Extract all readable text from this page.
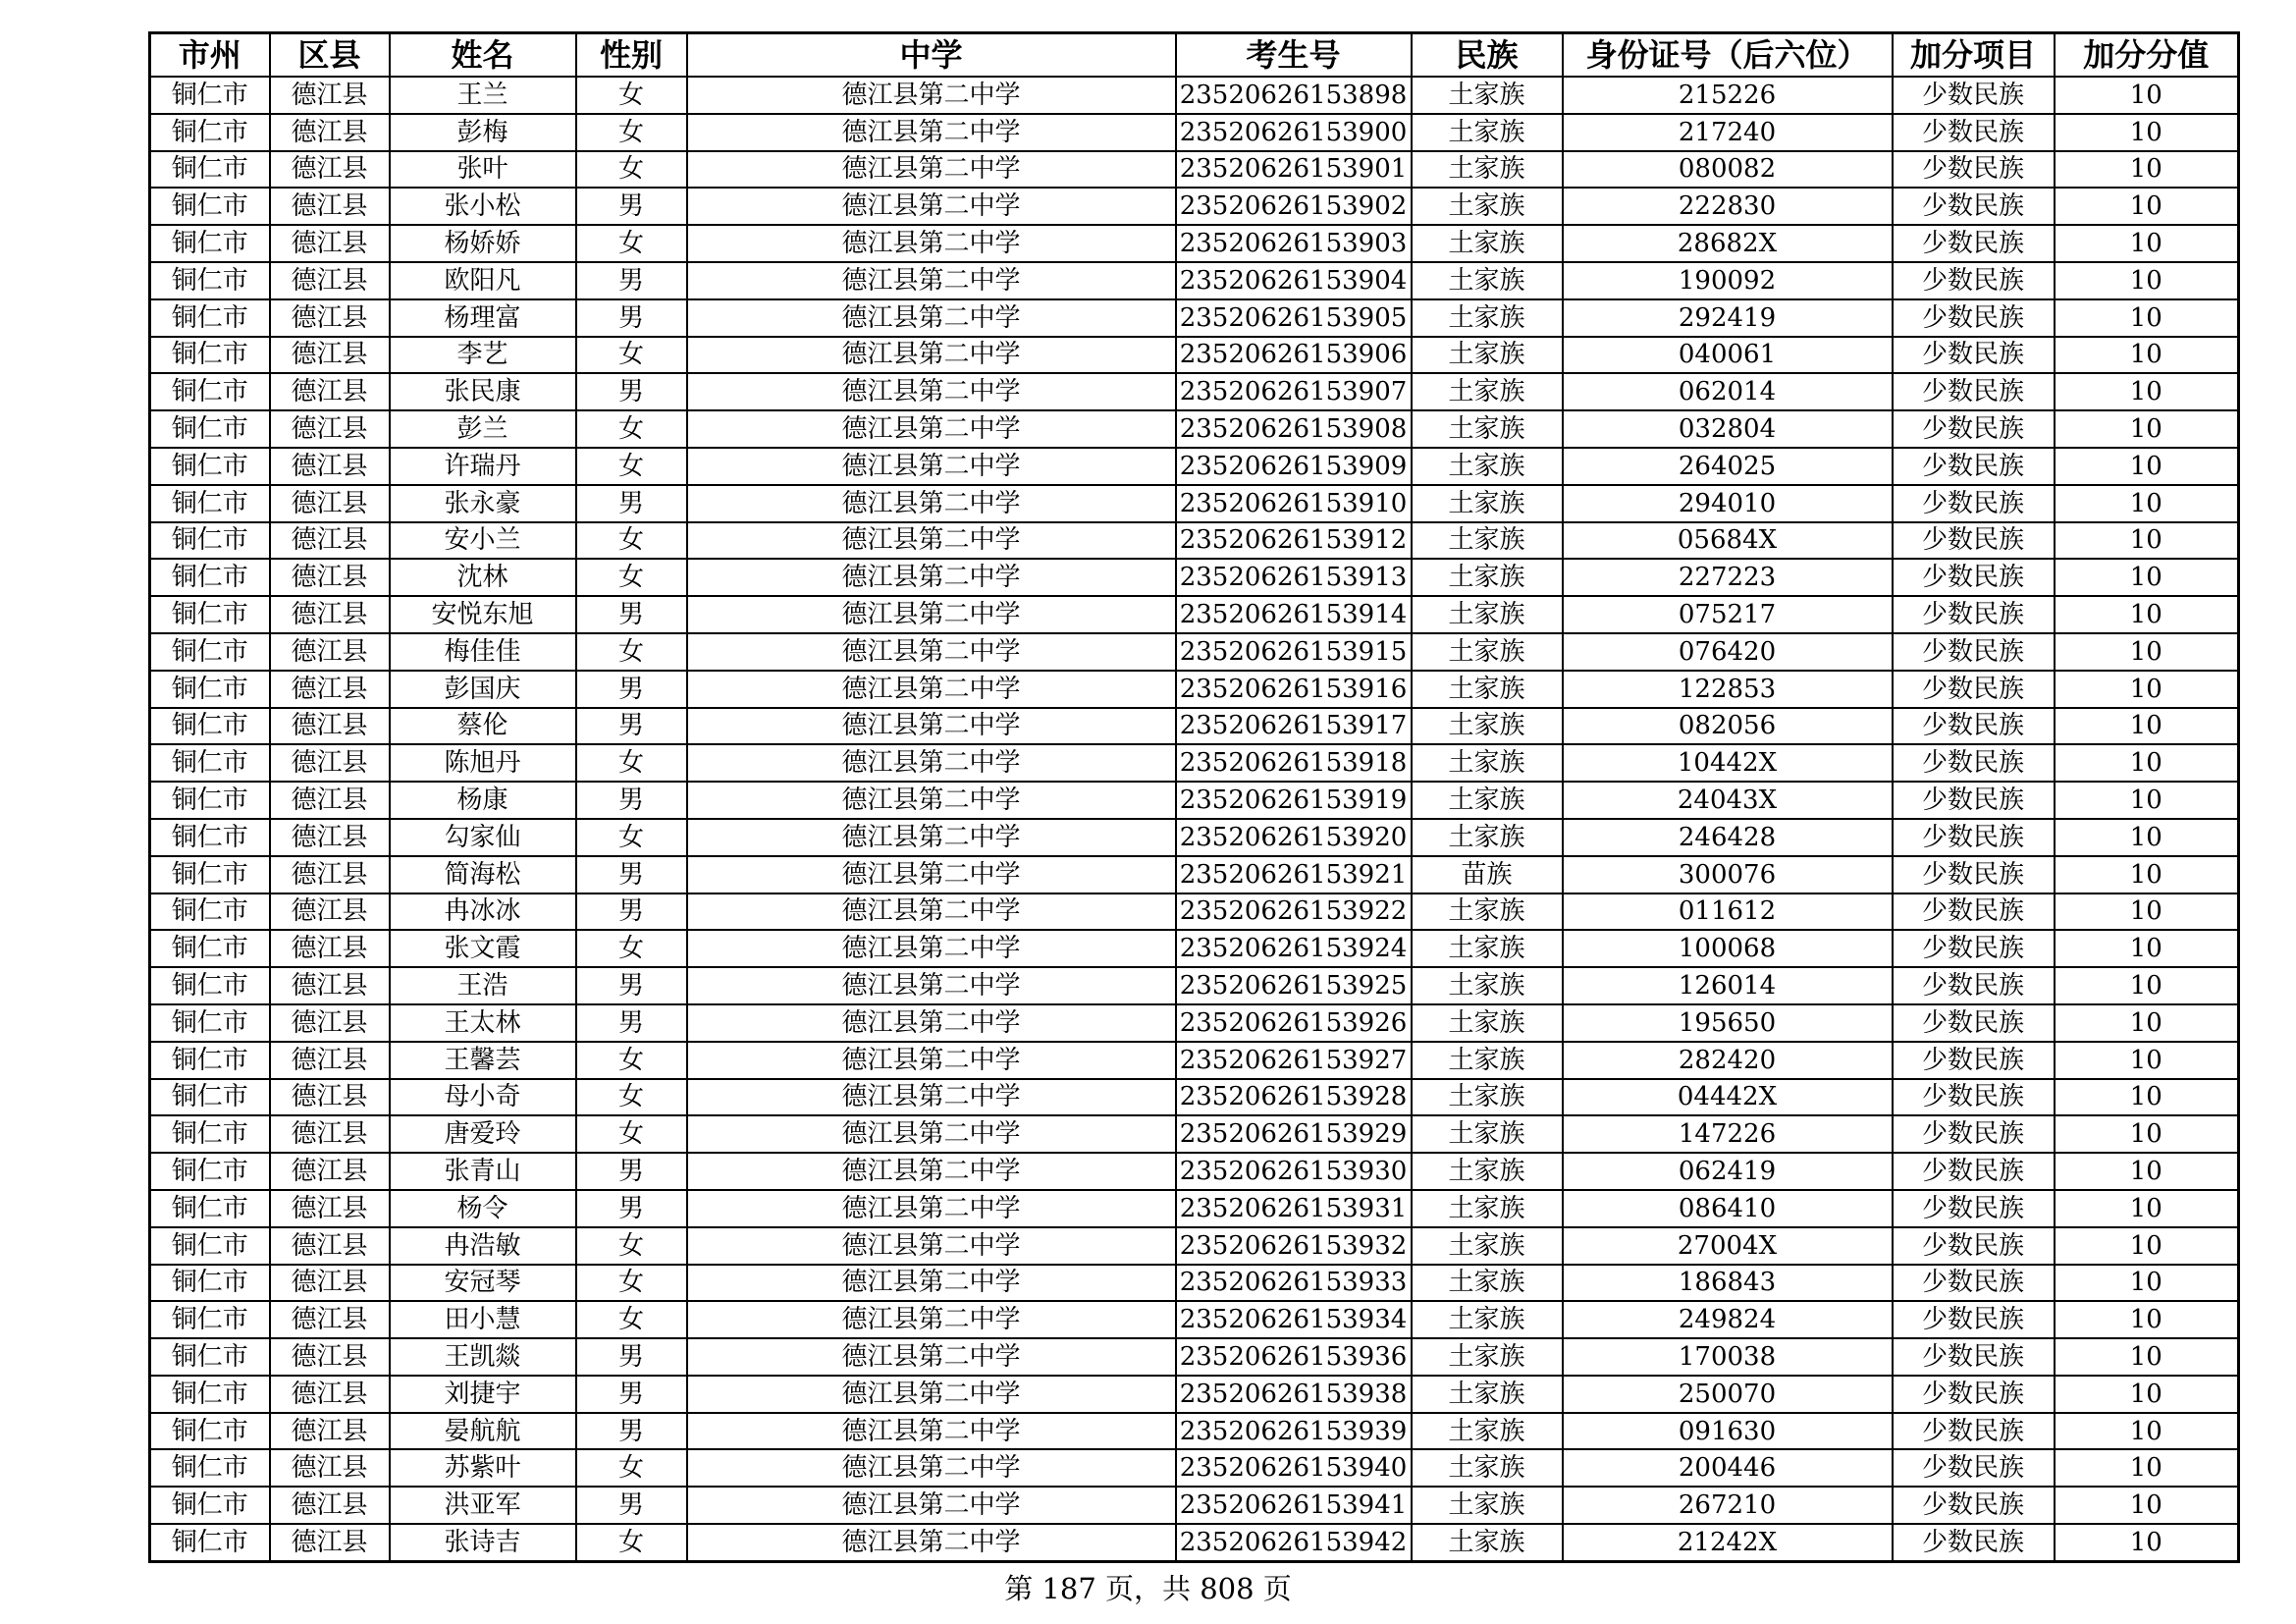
市州	区县	姓名	性别	中学	考生号	民族	身份证号（后六位）	加分项目	加分分值
铜仁市	德江县	王兰	女	德江县第二中学	23520626153898	土家族	215226	少数民族	10
铜仁市	德江县	彭梅	女	德江县第二中学	23520626153900	土家族	217240	少数民族	10
铜仁市	德江县	张叶	女	德江县第二中学	23520626153901	土家族	080082	少数民族	10
铜仁市	德江县	张小松	男	德江县第二中学	23520626153902	土家族	222830	少数民族	10
铜仁市	德江县	杨娇娇	女	德江县第二中学	23520626153903	土家族	28682X	少数民族	10
铜仁市	德江县	欧阳凡	男	德江县第二中学	23520626153904	土家族	190092	少数民族	10
铜仁市	德江县	杨理富	男	德江县第二中学	23520626153905	土家族	292419	少数民族	10
铜仁市	德江县	李艺	女	德江县第二中学	23520626153906	土家族	040061	少数民族	10
铜仁市	德江县	张民康	男	德江县第二中学	23520626153907	土家族	062014	少数民族	10
铜仁市	德江县	彭兰	女	德江县第二中学	23520626153908	土家族	032804	少数民族	10
铜仁市	德江县	许瑞丹	女	德江县第二中学	23520626153909	土家族	264025	少数民族	10
铜仁市	德江县	张永豪	男	德江县第二中学	23520626153910	土家族	294010	少数民族	10
铜仁市	德江县	安小兰	女	德江县第二中学	23520626153912	土家族	05684X	少数民族	10
铜仁市	德江县	沈林	女	德江县第二中学	23520626153913	土家族	227223	少数民族	10
铜仁市	德江县	安悦东旭	男	德江县第二中学	23520626153914	土家族	075217	少数民族	10
铜仁市	德江县	梅佳佳	女	德江县第二中学	23520626153915	土家族	076420	少数民族	10
铜仁市	德江县	彭国庆	男	德江县第二中学	23520626153916	土家族	122853	少数民族	10
铜仁市	德江县	蔡伦	男	德江县第二中学	23520626153917	土家族	082056	少数民族	10
铜仁市	德江县	陈旭丹	女	德江县第二中学	23520626153918	土家族	10442X	少数民族	10
铜仁市	德江县	杨康	男	德江县第二中学	23520626153919	土家族	24043X	少数民族	10
铜仁市	德江县	勾家仙	女	德江县第二中学	23520626153920	土家族	246428	少数民族	10
铜仁市	德江县	简海松	男	德江县第二中学	23520626153921	苗族	300076	少数民族	10
铜仁市	德江县	冉冰冰	男	德江县第二中学	23520626153922	土家族	011612	少数民族	10
铜仁市	德江县	张文霞	女	德江县第二中学	23520626153924	土家族	100068	少数民族	10
铜仁市	德江县	王浩	男	德江县第二中学	23520626153925	土家族	126014	少数民族	10
铜仁市	德江县	王太林	男	德江县第二中学	23520626153926	土家族	195650	少数民族	10
铜仁市	德江县	王馨芸	女	德江县第二中学	23520626153927	土家族	282420	少数民族	10
铜仁市	德江县	母小奇	女	德江县第二中学	23520626153928	土家族	04442X	少数民族	10
铜仁市	德江县	唐爱玲	女	德江县第二中学	23520626153929	土家族	147226	少数民族	10
铜仁市	德江县	张青山	男	德江县第二中学	23520626153930	土家族	062419	少数民族	10
铜仁市	德江县	杨令	男	德江县第二中学	23520626153931	土家族	086410	少数民族	10
铜仁市	德江县	冉浩敏	女	德江县第二中学	23520626153932	土家族	27004X	少数民族	10
铜仁市	德江县	安冠琴	女	德江县第二中学	23520626153933	土家族	186843	少数民族	10
铜仁市	德江县	田小慧	女	德江县第二中学	23520626153934	土家族	249824	少数民族	10
铜仁市	德江县	王凯燚	男	德江县第二中学	23520626153936	土家族	170038	少数民族	10
铜仁市	德江县	刘捷宇	男	德江县第二中学	23520626153938	土家族	250070	少数民族	10
铜仁市	德江县	晏航航	男	德江县第二中学	23520626153939	土家族	091630	少数民族	10
铜仁市	德江县	苏紫叶	女	德江县第二中学	23520626153940	土家族	200446	少数民族	10
铜仁市	德江县	洪亚军	男	德江县第二中学	23520626153941	土家族	267210	少数民族	10
铜仁市	德江县	张诗吉	女	德江县第二中学	23520626153942	土家族	21242X	少数民族	10
第 187 页，共 808 页
